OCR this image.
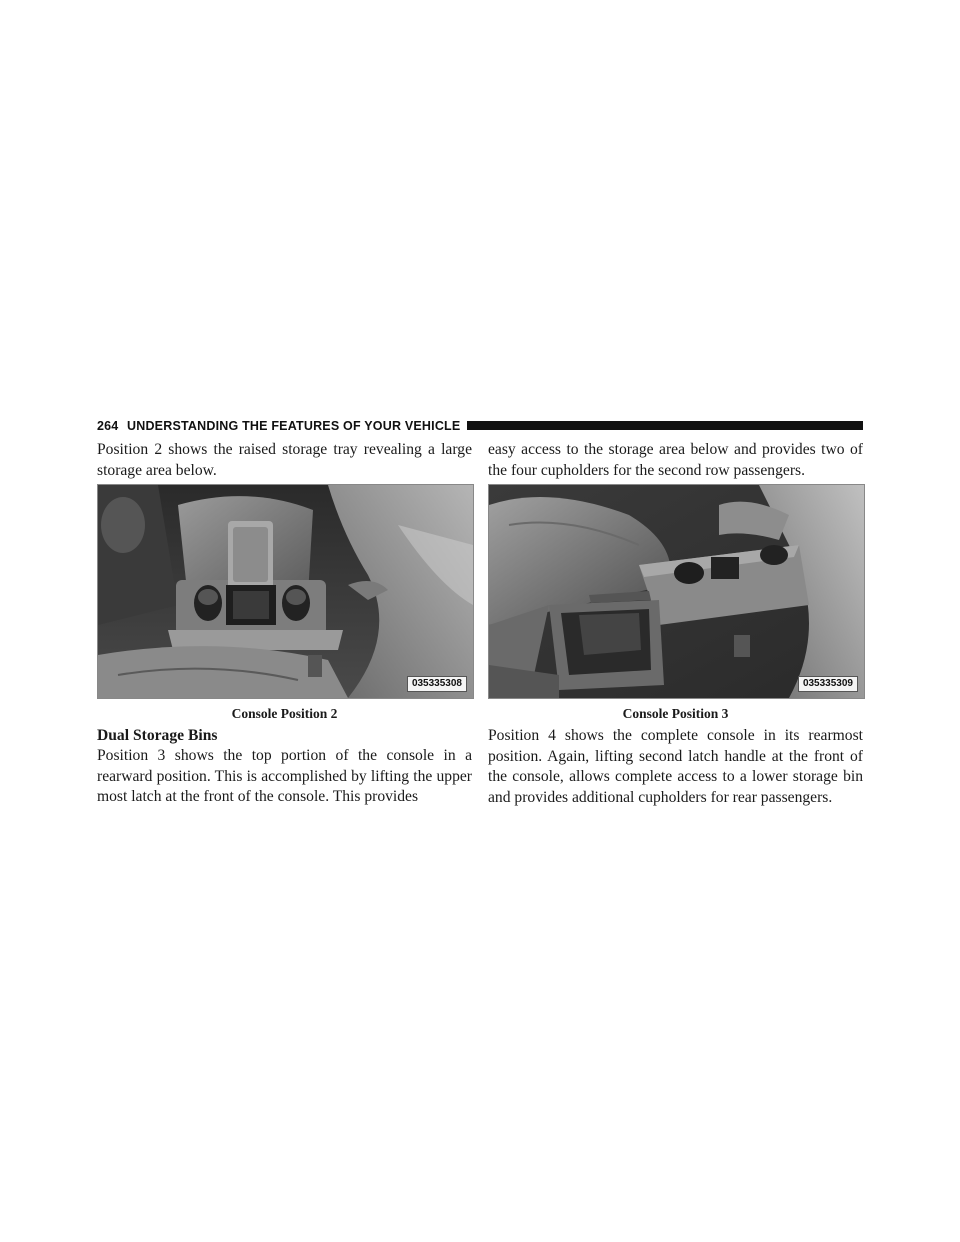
264 UNDERSTANDING THE FEATURES OF YOUR VEHICLE
Position 2 shows the raised storage tray revealing a large storage area below.
035335308
Console Position 2
Dual Storage Bins
Position 3 shows the top portion of the console in a rearward position. This is accomplished by lifting the upper most latch at the front of the console. This provides
easy access to the storage area below and provides two of the four cupholders for the second row passengers.
035335309
Console Position 3
Position 4 shows the complete console in its rearmost position. Again, lifting second latch handle at the front of the console, allows complete access to a lower storage bin and provides additional cupholders for rear passengers.
